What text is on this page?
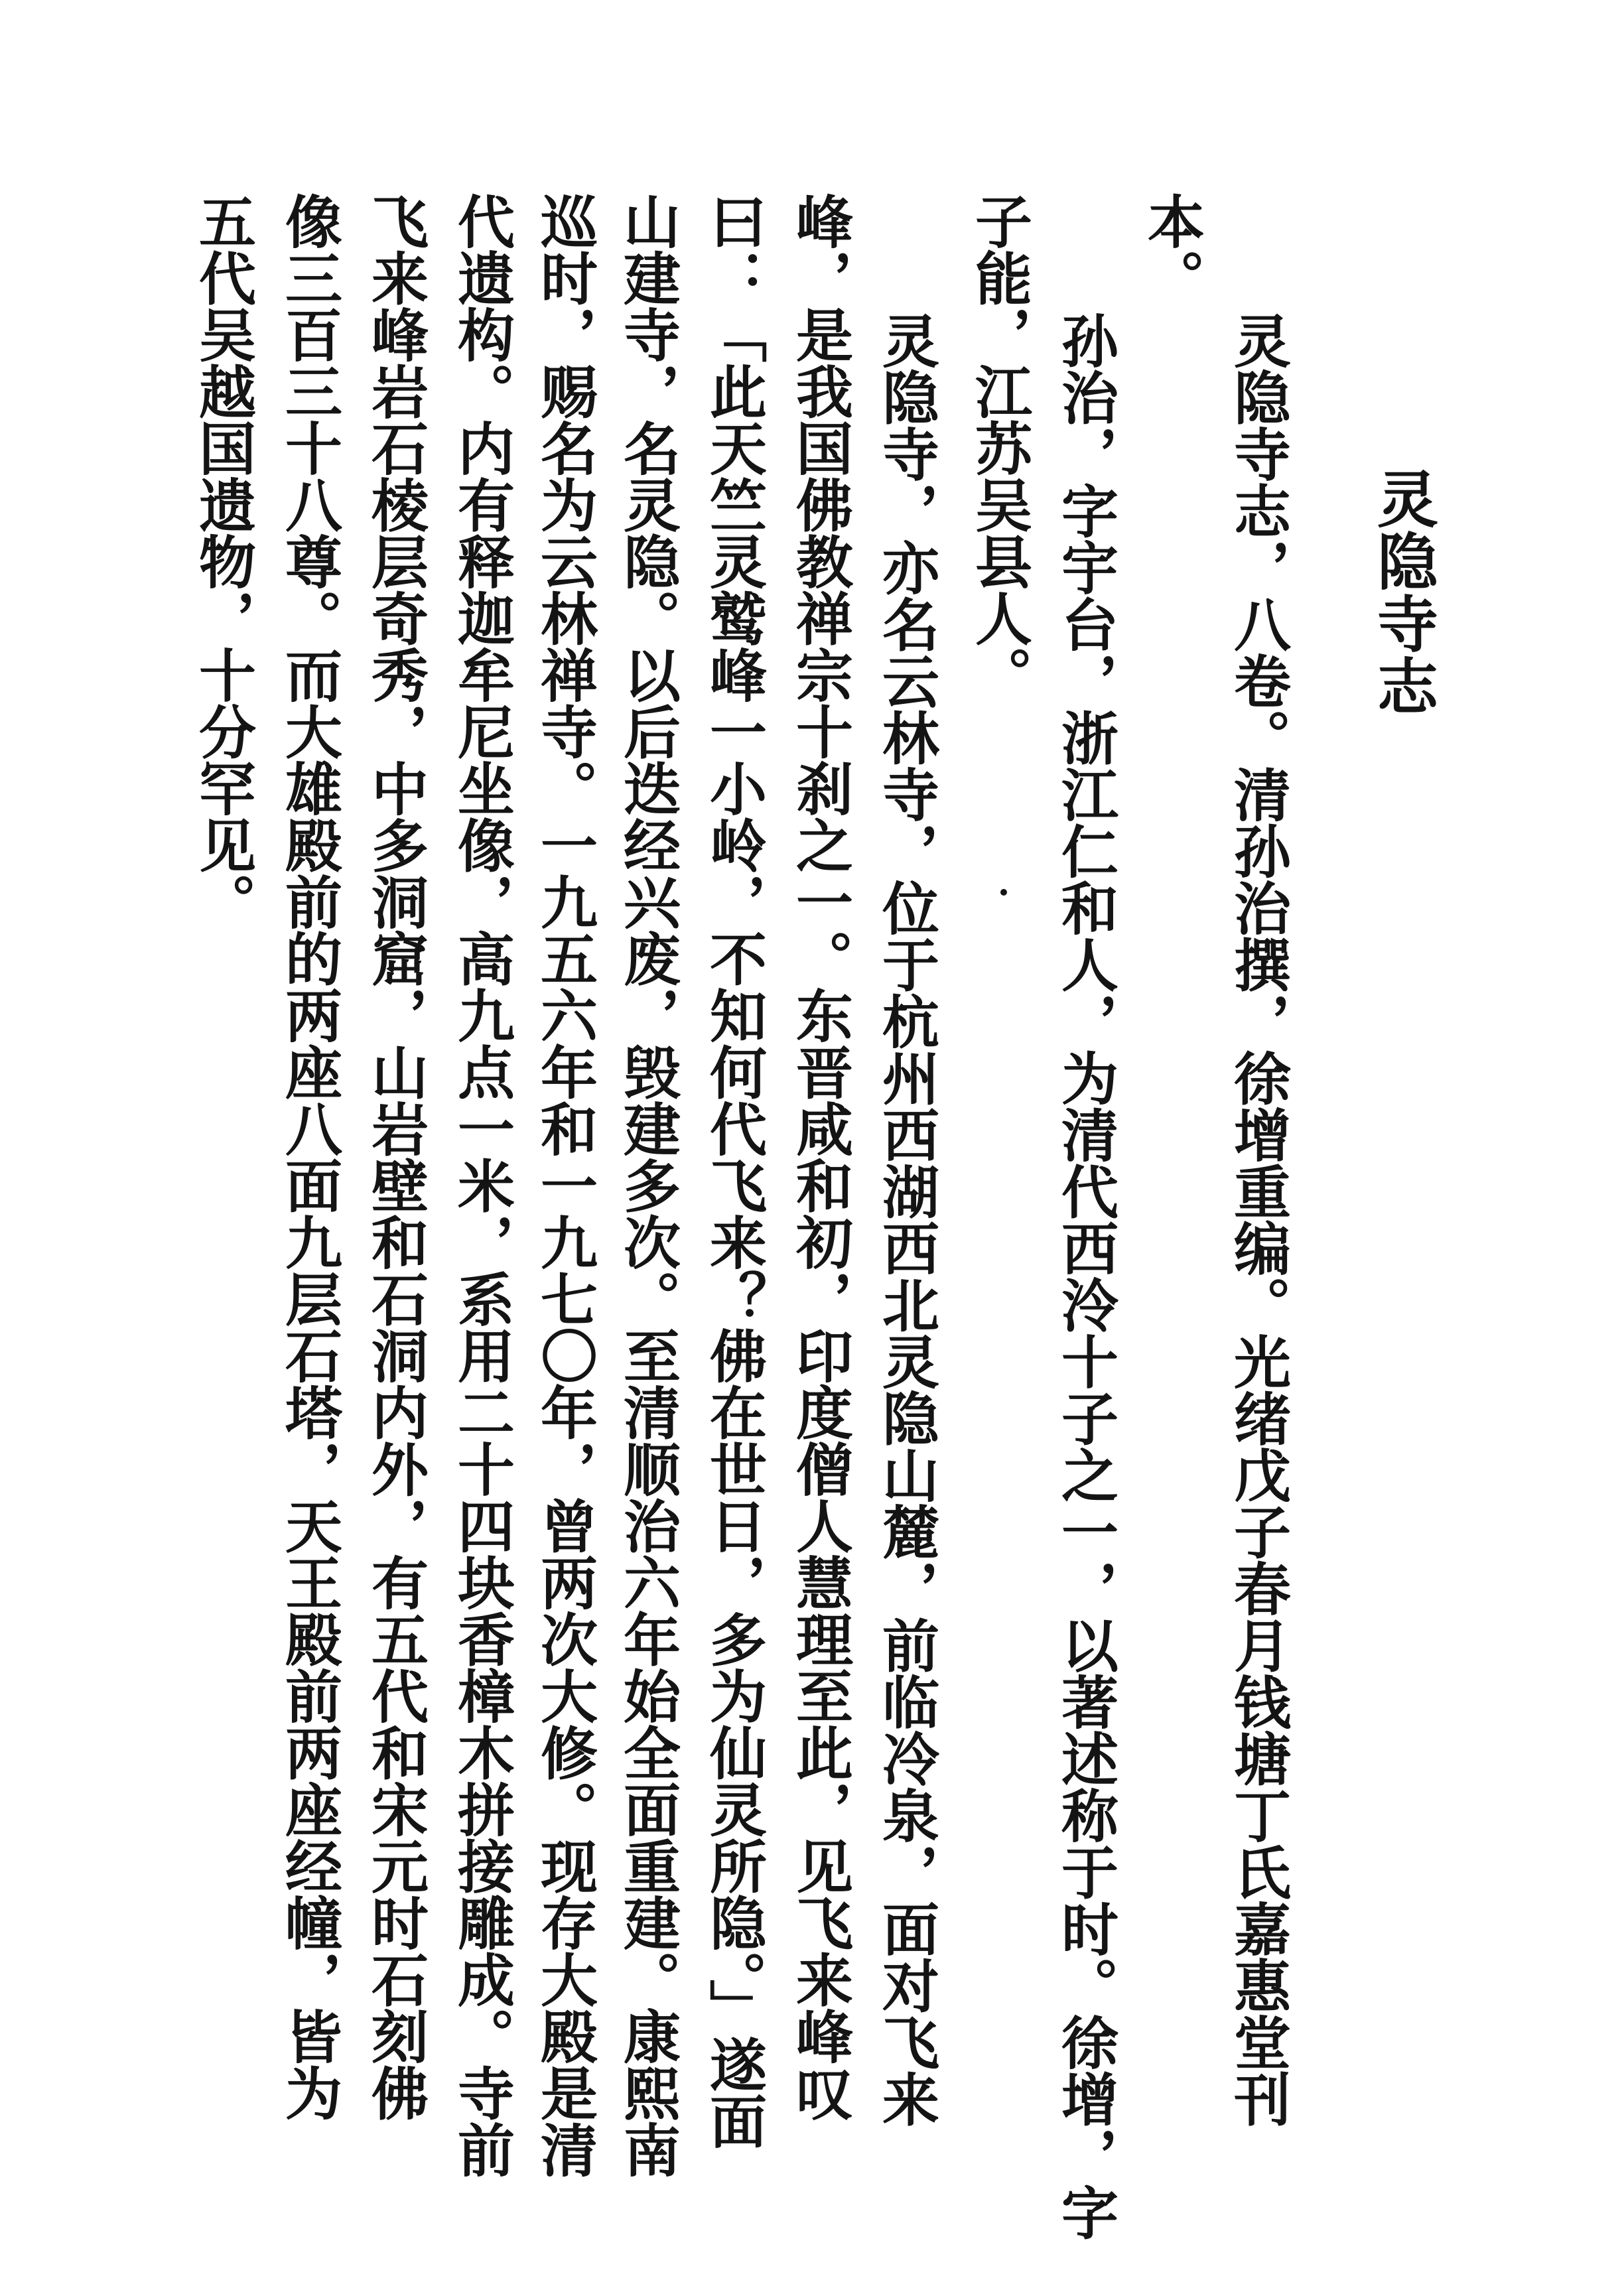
灵隐寺志
灵隐寺志，八卷。清孙治撰，徐增重编。光绪戊子春月钱塘丁氏嘉惠堂刊
本。
孙治，字宇台，浙江仁和人，为清代西泠十子之一，以著述称于时。徐增，字
子能，江苏吴县人。
灵隐寺，亦名云林寺，位于杭州西湖西北灵隐山麓，前临冷泉，面对飞来
峰，是我国佛教禅宗十刹之一。东晋咸和初，印度僧人慧理至此，见飞来峰叹
曰：「此天竺灵鹫峰一小岭，不知何代飞来？佛在世日，多为仙灵所隐。」遂面
山建寺，名灵隐。以后迭经兴废，毁建多次。至清顺治六年始全面重建。康熙南
巡时，赐名为云林禅寺。一九五六年和一九七〇年，曾两次大修。现存大殿是清
代遗构。内有释迦牟尼坐像，高九点一米，系用二十四块香樟木拼接雕成。寺前
飞来峰岩石棱层奇秀，中多洞窟，山岩壁和石洞内外，有五代和宋元时石刻佛
像三百三十八尊。而大雄殿前的两座八面九层石塔，天王殿前两座经幢，皆为
五代吴越国遗物，十分罕见。
